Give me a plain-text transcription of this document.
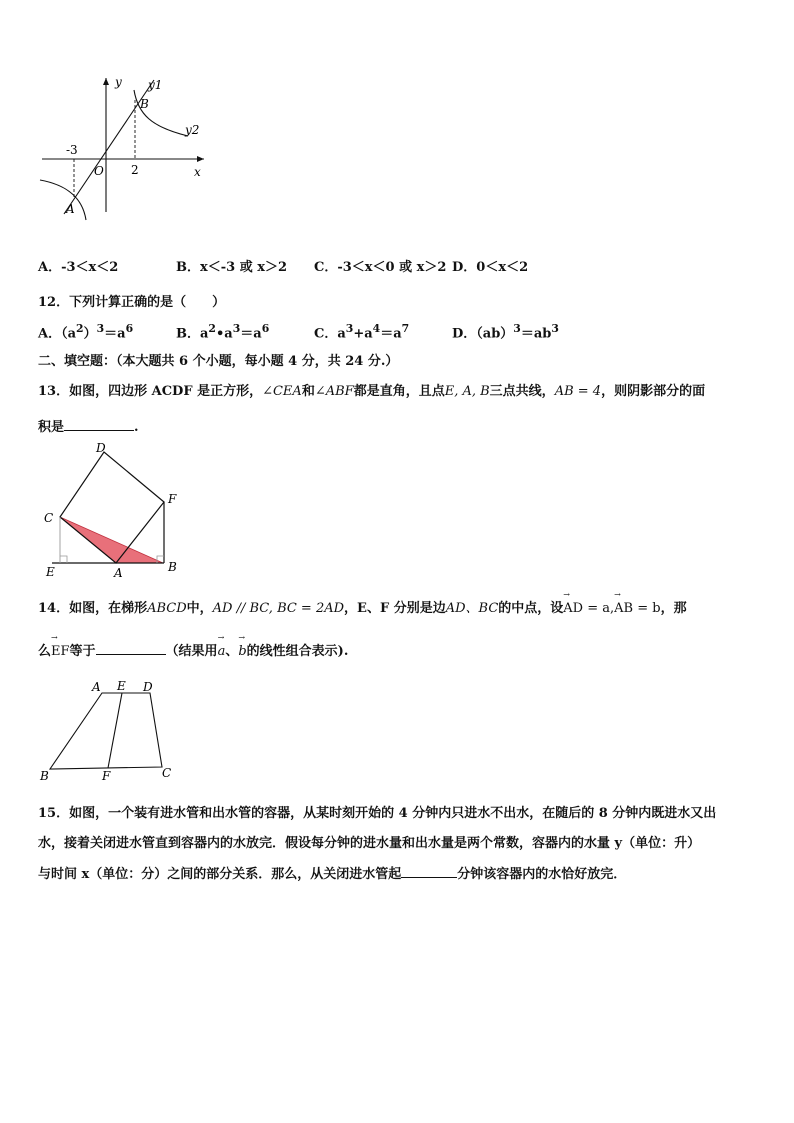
y
x
O
-3
2
B
A
y1
y2
A．-3＜x＜2	B．x＜-3 或 x＞2 C．-3＜x＜0 或 x＞2 D．0＜x＜2
12．下列计算正确的是（　　）
A．$(a^2)^3=a^6$	B．$a^2•a^3=a^6$	C．$a^3+a^4=a^7$	D．$(ab)^3=ab^3$
二、填空题：（本大题共 6 个小题，每小题 4 分，共 24 分.）
13．如图，四边形 ACDF 是正方形，∠CEA和∠ABF都是直角，且点E, A, B三点共线，AB = 4，则阴影部分的面
积是	.
D
F
C
E	A	B
14．如图，在梯形ABCD中，AD // BC, BC = 2AD，E、F 分别是边AD、BC的中点，设→ AD = a,→ AB = b，那
么→ EF等于	（结果用→ a、→ b的线性组合表示).
A E D
B	F	C
15．如图，一个装有进水管和出水管的容器，从某时刻开始的 4 分钟内只进水不出水，在随后的 8 分钟内既进水又出
水，接着关闭进水管直到容器内的水放完．假设每分钟的进水量和出水量是两个常数，容器内的水量 y（单位：升）
与时间 x（单位：分）之间的部分关系．那么，从关闭进水管起	分钟该容器内的水恰好放完．
